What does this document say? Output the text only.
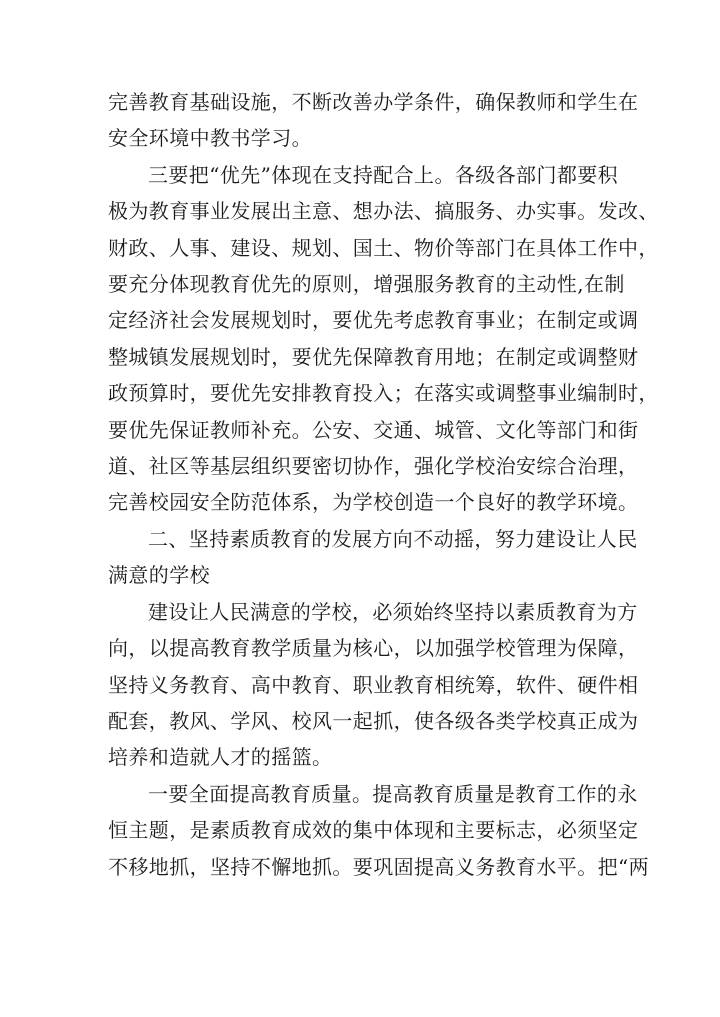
完善教育基础设施，不断改善办学条件，确保教师和学生在
安全环境中教书学习。

三要把“优先”体现在支持配合上。各级各部门都要积
极为教育事业发展出主意、想办法、搞服务、办实事。发改、
财政、人事、建设、规划、国土、物价等部门在具体工作中，
要充分体现教育优先的原则，增强服务教育的主动性,在制
定经济社会发展规划时，要优先考虑教育事业；在制定或调
整城镇发展规划时，要优先保障教育用地；在制定或调整财
政预算时，要优先安排教育投入；在落实或调整事业编制时，
要优先保证教师补充。公安、交通、城管、文化等部门和街
道、社区等基层组织要密切协作，强化学校治安综合治理，
完善校园安全防范体系，为学校创造一个良好的教学环境。

二、坚持素质教育的发展方向不动摇，努力建设让人民
满意的学校

建设让人民满意的学校，必须始终坚持以素质教育为方
向，以提高教育教学质量为核心，以加强学校管理为保障，
坚持义务教育、高中教育、职业教育相统筹，软件、硬件相
配套，教风、学风、校风一起抓，使各级各类学校真正成为
培养和造就人才的摇篮。

一要全面提高教育质量。提高教育质量是教育工作的永
恒主题，是素质教育成效的集中体现和主要标志，必须坚定
不移地抓，坚持不懈地抓。要巩固提高义务教育水平。把“两
